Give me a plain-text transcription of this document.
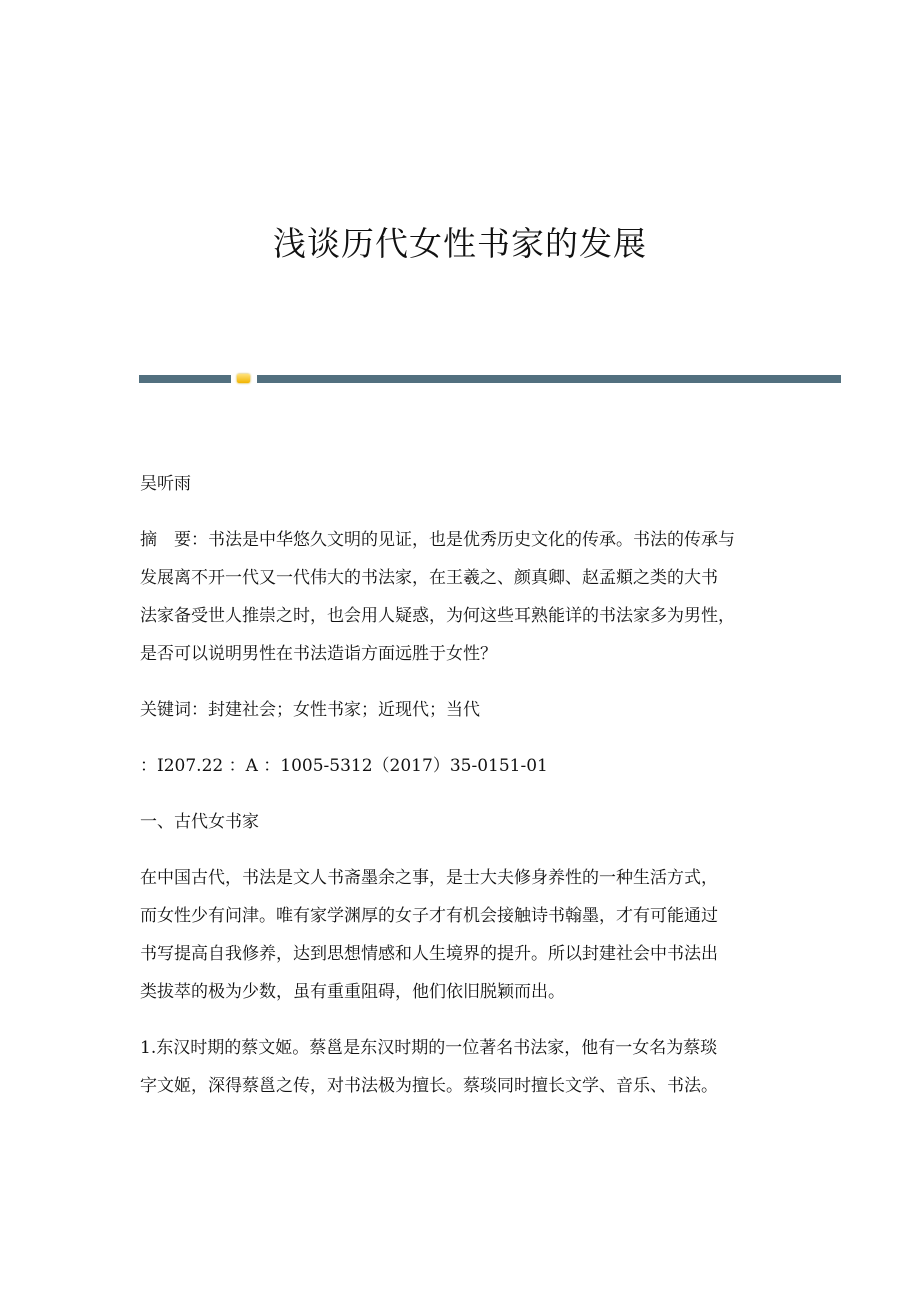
浅谈历代女性书家的发展
吴听雨
摘　要：书法是中华悠久文明的见证，也是优秀历史文化的传承。书法的传承与
发展离不开一代又一代伟大的书法家，在王羲之、颜真卿、赵孟頫之类的大书
法家备受世人推崇之时，也会用人疑惑，为何这些耳熟能详的书法家多为男性，
是否可以说明男性在书法造诣方面远胜于女性？
关键词：封建社会；女性书家；近现代；当代
：I207.22 ：A ：1005-5312（2017）35-0151-01
一、古代女书家
在中国古代，书法是文人书斋墨余之事，是士大夫修身养性的一种生活方式，
而女性少有问津。唯有家学渊厚的女子才有机会接触诗书翰墨，才有可能通过
书写提高自我修养，达到思想情感和人生境界的提升。所以封建社会中书法出
类拔萃的极为少数，虽有重重阻碍，他们依旧脱颖而出。
1.东汉时期的蔡文姬。蔡邕是东汉时期的一位著名书法家，他有一女名为蔡琰
字文姬，深得蔡邕之传，对书法极为擅长。蔡琰同时擅长文学、音乐、书法。
